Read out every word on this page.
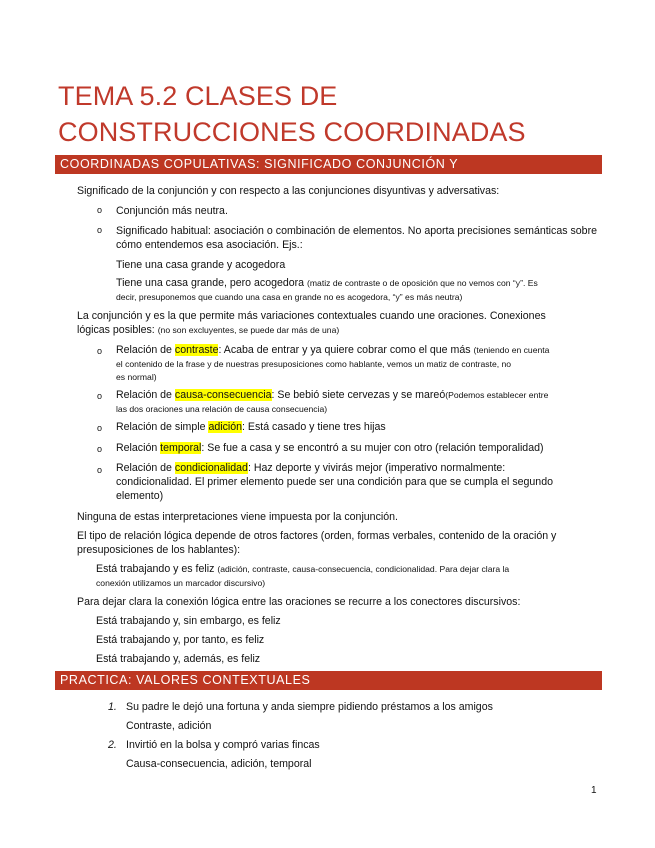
TEMA 5.2 CLASES DE
CONSTRUCCIONES COORDINADAS
COORDINADAS COPULATIVAS: SIGNIFICADO CONJUNCIÓN Y
Significado de la conjunción y con respecto a las conjunciones disyuntivas y adversativas:
o Conjunción más neutra.
o Significado habitual: asociación o combinación de elementos. No aporta precisiones semánticas sobre cómo entendemos esa asociación. Ejs.:
Tiene una casa grande y acogedora
Tiene una casa grande, pero acogedora (matiz de contraste o de oposición que no vemos con “y”. Es
decir, presuponemos que cuando una casa en grande no es acogedora, “y” es más neutra)
La conjunción y es la que permite más variaciones contextuales cuando une oraciones. Conexiones
lógicas posibles: (no son excluyentes, se puede dar más de una)
o Relación de contraste: Acaba de entrar y ya quiere cobrar como el que más (teniendo en cuenta
el contenido de la frase y de nuestras presuposiciones como hablante, vemos un matiz de contraste, no
es normal)
o Relación de causa-consecuencia: Se bebió siete cervezas y se mareó(Podemos establecer entre
las dos oraciones una relación de causa consecuencia)
o Relación de simple adición: Está casado y tiene tres hijas
o Relación temporal: Se fue a casa y se encontró a su mujer con otro (relación temporalidad)
o Relación de condicionalidad: Haz deporte y vivirás mejor (imperativo normalmente:
condicionalidad. El primer elemento puede ser una condición para que se cumpla el segundo
elemento)
Ninguna de estas interpretaciones viene impuesta por la conjunción.
El tipo de relación lógica depende de otros factores (orden, formas verbales, contenido de la oración y
presuposiciones de los hablantes):
Está trabajando y es feliz (adición, contraste, causa-consecuencia, condicionalidad. Para dejar clara la
conexión utilizamos un marcador discursivo)
Para dejar clara la conexión lógica entre las oraciones se recurre a los conectores discursivos:
Está trabajando y, sin embargo, es feliz
Está trabajando y, por tanto, es feliz
Está trabajando y, además, es feliz
PRACTICA: VALORES CONTEXTUALES
1. Su padre le dejó una fortuna y anda siempre pidiendo préstamos a los amigos
Contraste, adición
2. Invirtió en la bolsa y compró varias fincas
Causa-consecuencia, adición, temporal
1
